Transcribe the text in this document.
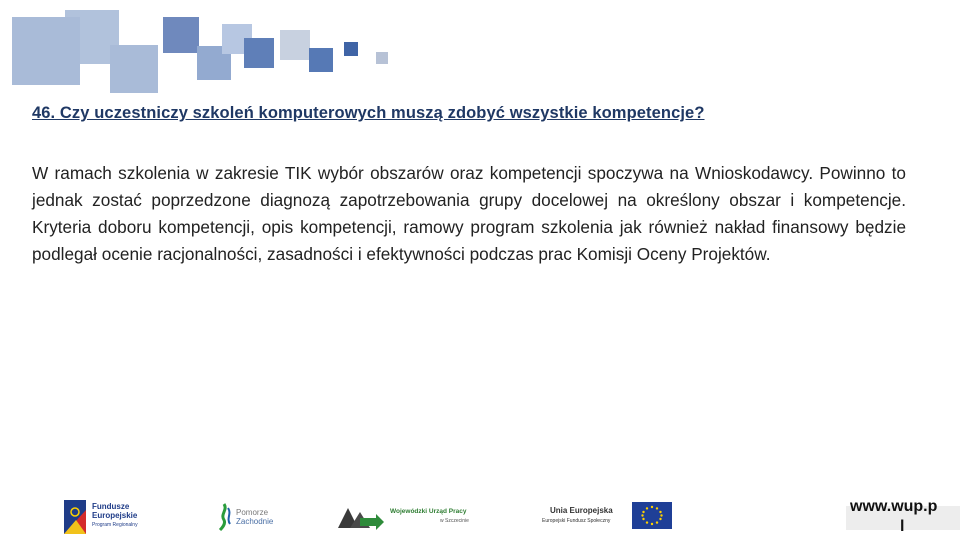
46. Czy uczestniczy szkoleń komputerowych muszą zdobyć wszystkie kompetencje?

W ramach szkolenia w zakresie TIK wybór obszarów oraz kompetencji spoczywa na Wnioskodawcy. Powinno to jednak zostać poprzedzone diagnozą zapotrzebowania grupy docelowej na określony obszar i kompetencje. Kryteria doboru kompetencji, opis kompetencji, ramowy program szkolenia jak również nakład finansowy będzie podlegał ocenie racjonalności, zasadności i efektywności podczas prac Komisji Oceny Projektów.

Fundusze
Europejskie
Program Regionalny
Pomorze
Zachodnie
Wojewódzki Urząd Pracy
w Szczecinie
Unia Europejska
Europejski Fundusz Społeczny
www.wup.p
l
